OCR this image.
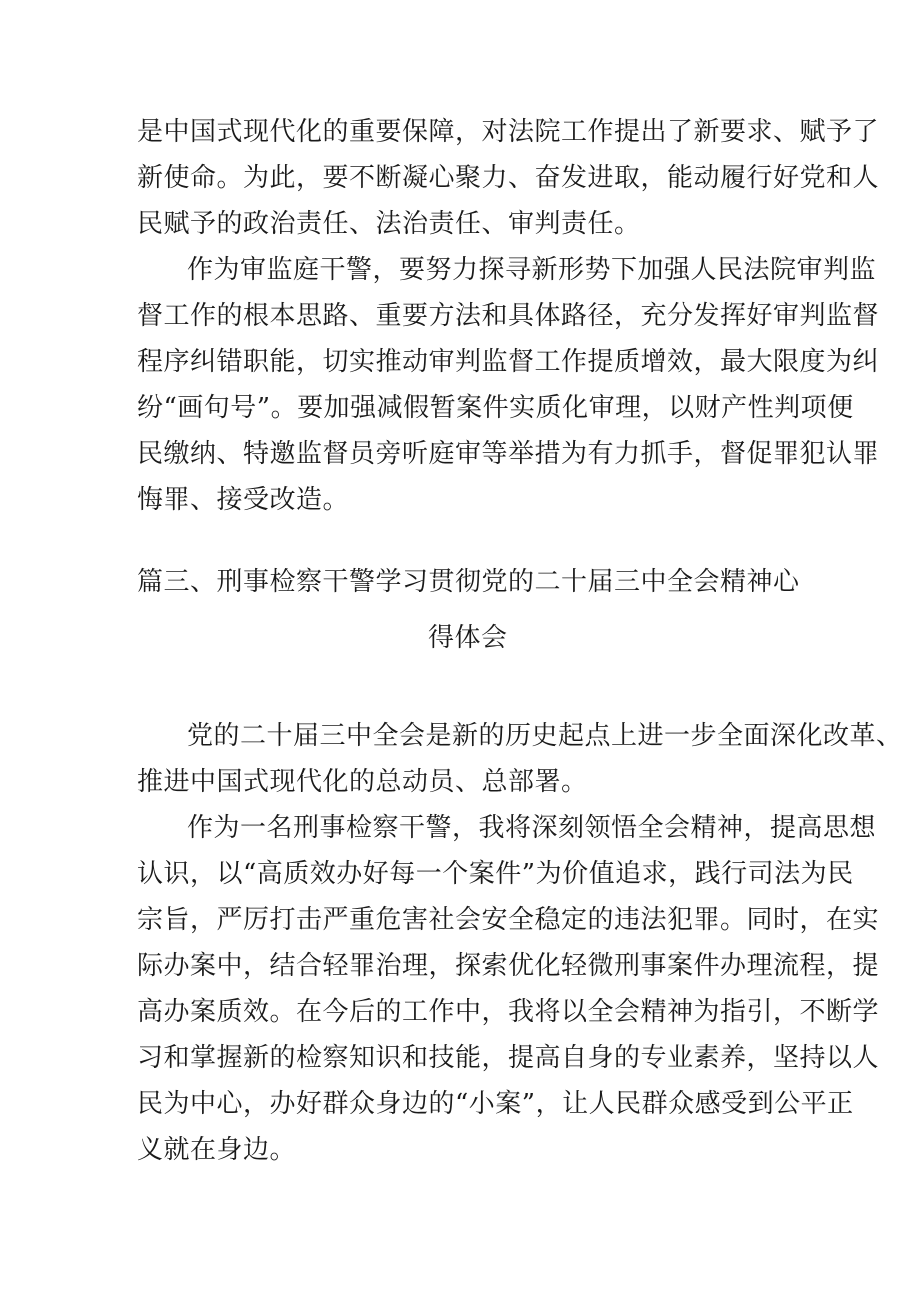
是中国式现代化的重要保障，对法院工作提出了新要求、赋予了
新使命。为此，要不断凝心聚力、奋发进取，能动履行好党和人
民赋予的政治责任、法治责任、审判责任。
作为审监庭干警，要努力探寻新形势下加强人民法院审判监
督工作的根本思路、重要方法和具体路径，充分发挥好审判监督
程序纠错职能，切实推动审判监督工作提质增效，最大限度为纠
纷“画句号”。要加强减假暂案件实质化审理，以财产性判项便
民缴纳、特邀监督员旁听庭审等举措为有力抓手，督促罪犯认罪
悔罪、接受改造。
篇三、刑事检察干警学习贯彻党的二十届三中全会精神心
得体会
党的二十届三中全会是新的历史起点上进一步全面深化改革、
推进中国式现代化的总动员、总部署。
作为一名刑事检察干警，我将深刻领悟全会精神，提高思想
认识，以“高质效办好每一个案件”为价值追求，践行司法为民
宗旨，严厉打击严重危害社会安全稳定的违法犯罪。同时，在实
际办案中，结合轻罪治理，探索优化轻微刑事案件办理流程，提
高办案质效。在今后的工作中，我将以全会精神为指引，不断学
习和掌握新的检察知识和技能，提高自身的专业素养，坚持以人
民为中心，办好群众身边的“小案”，让人民群众感受到公平正
义就在身边。
